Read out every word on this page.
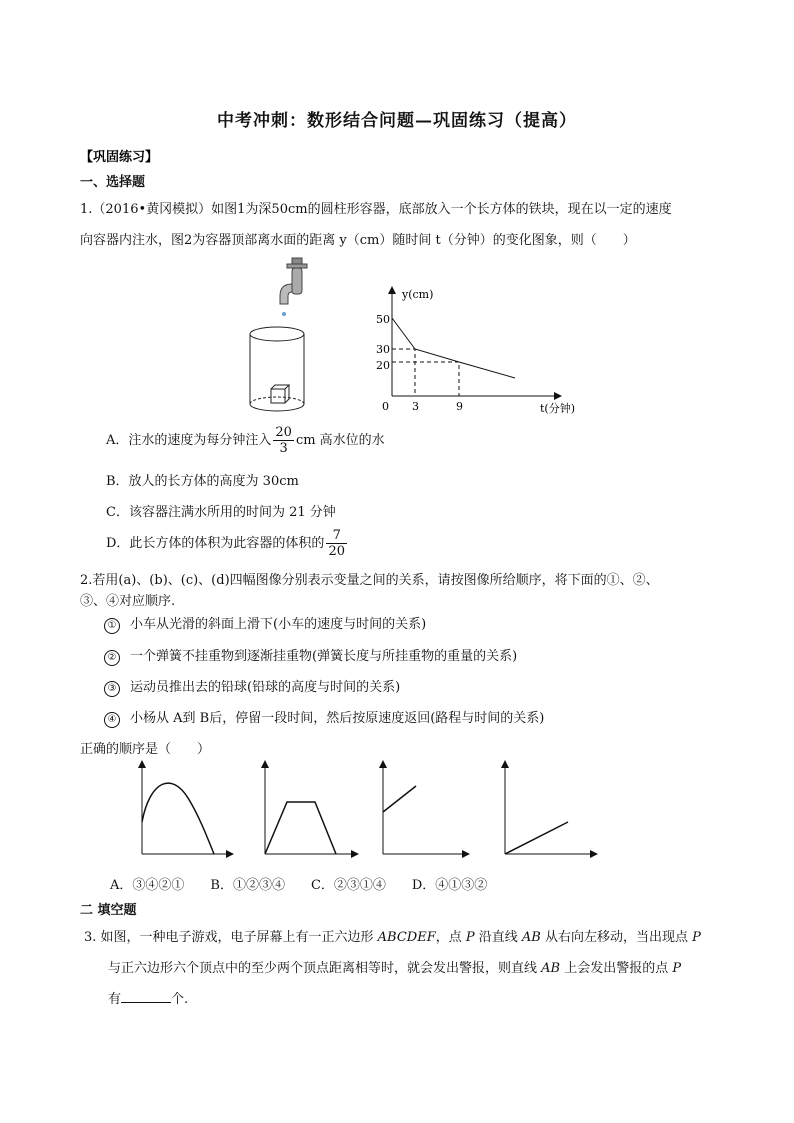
中考冲刺：数形结合问题—巩固练习（提高）
【巩固练习】
一、选择题
1.（2016•黄冈模拟）如图1为深50cm的圆柱形容器，底部放入一个长方体的铁块，现在以一定的速度
向容器内注水，图2为容器顶部离水面的距离 y（cm）随时间 t（分钟）的变化图象，则（　　）
y(cm)
t(分钟)
0
50
30
20
3	9
A．注水的速度为每分钟注入 $\frac{20}{3}$ cm 高水位的水
B．放人的长方体的高度为 30cm
C．该容器注满水所用的时间为 21 分钟
D．此长方体的体积为此容器的体积的 $\frac{7}{20}$
2.若用(a)、(b)、(c)、(d)四幅图像分别表示变量之间的关系，请按图像所给顺序，将下面的①、②、
③、④对应顺序.
① 小车从光滑的斜面上滑下(小车的速度与时间的关系)
② 一个弹簧不挂重物到逐渐挂重物(弹簧长度与所挂重物的重量的关系)
③ 运动员推出去的铅球(铅球的高度与时间的关系)
④ 小杨从 A到 B后，停留一段时间，然后按原速度返回(路程与时间的关系)
正确的顺序是（　　）
A．③④②①　　B．①②③④　　C．②③①④　　D．④①③②
二 填空题
3. 如图，一种电子游戏，电子屏幕上有一正六边形 ABCDEF，点 P 沿直线 AB 从右向左移动，当出现点 P
与正六边形六个顶点中的至少两个顶点距离相等时，就会发出警报，则直线 AB 上会发出警报的点 P
有	个.
